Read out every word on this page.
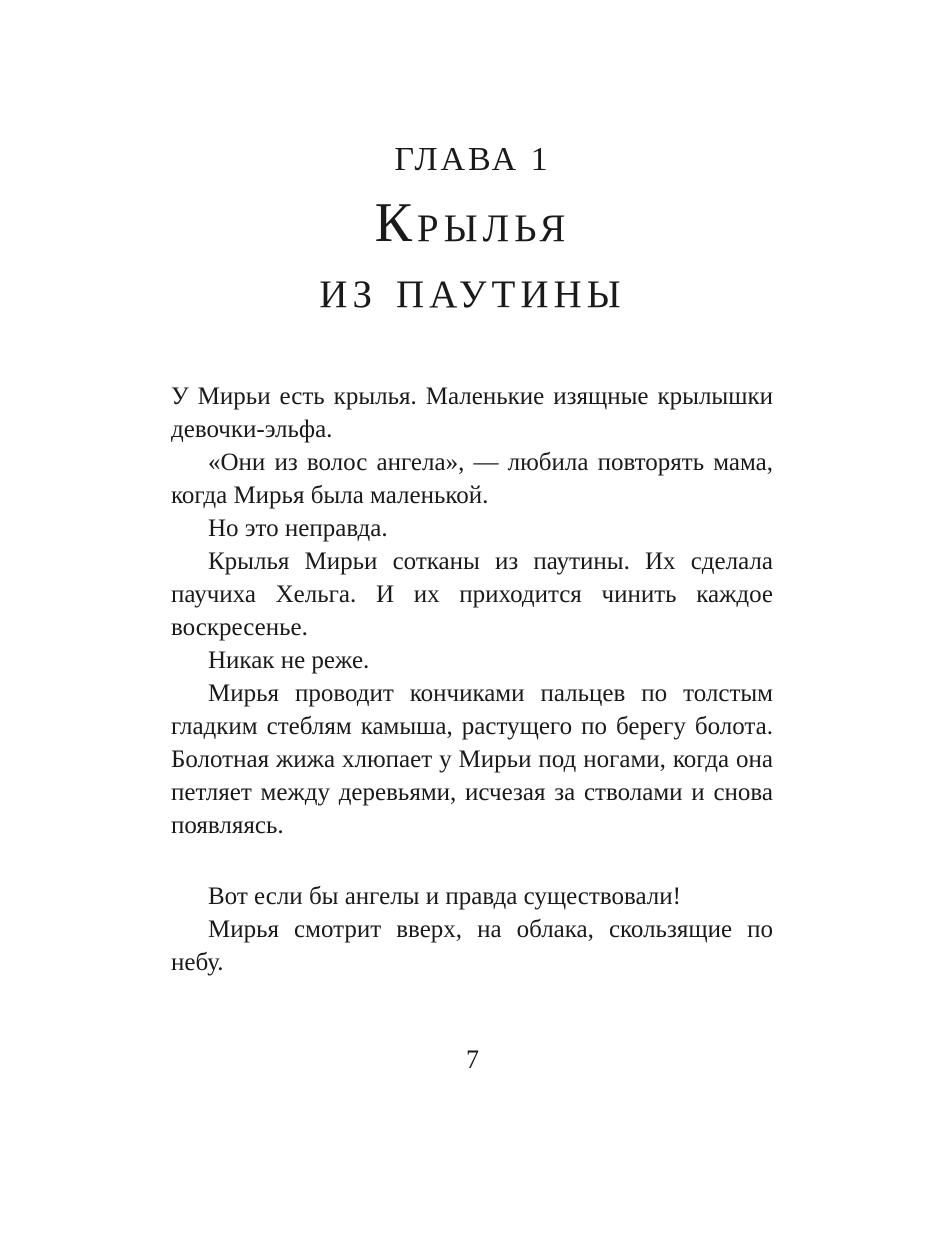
ГЛАВА 1
Крылья
из паутины

У Мирьи есть крылья. Маленькие изящные крылышки девочки-эльфа.

«Они из волос ангела», — любила повторять мама, когда Мирья была маленькой.

Но это неправда.

Крылья Мирьи сотканы из паутины. Их сделала паучиха Хельга. И их приходится чинить каждое воскресенье.

Никак не реже.

Мирья проводит кончиками пальцев по толстым гладким стеблям камыша, растущего по берегу болота. Болотная жижа хлюпает у Мирьи под ногами, когда она петляет между деревьями, исчезая за стволами и снова появляясь.

Вот если бы ангелы и правда существовали!

Мирья смотрит вверх, на облака, скользящие по небу.

7
